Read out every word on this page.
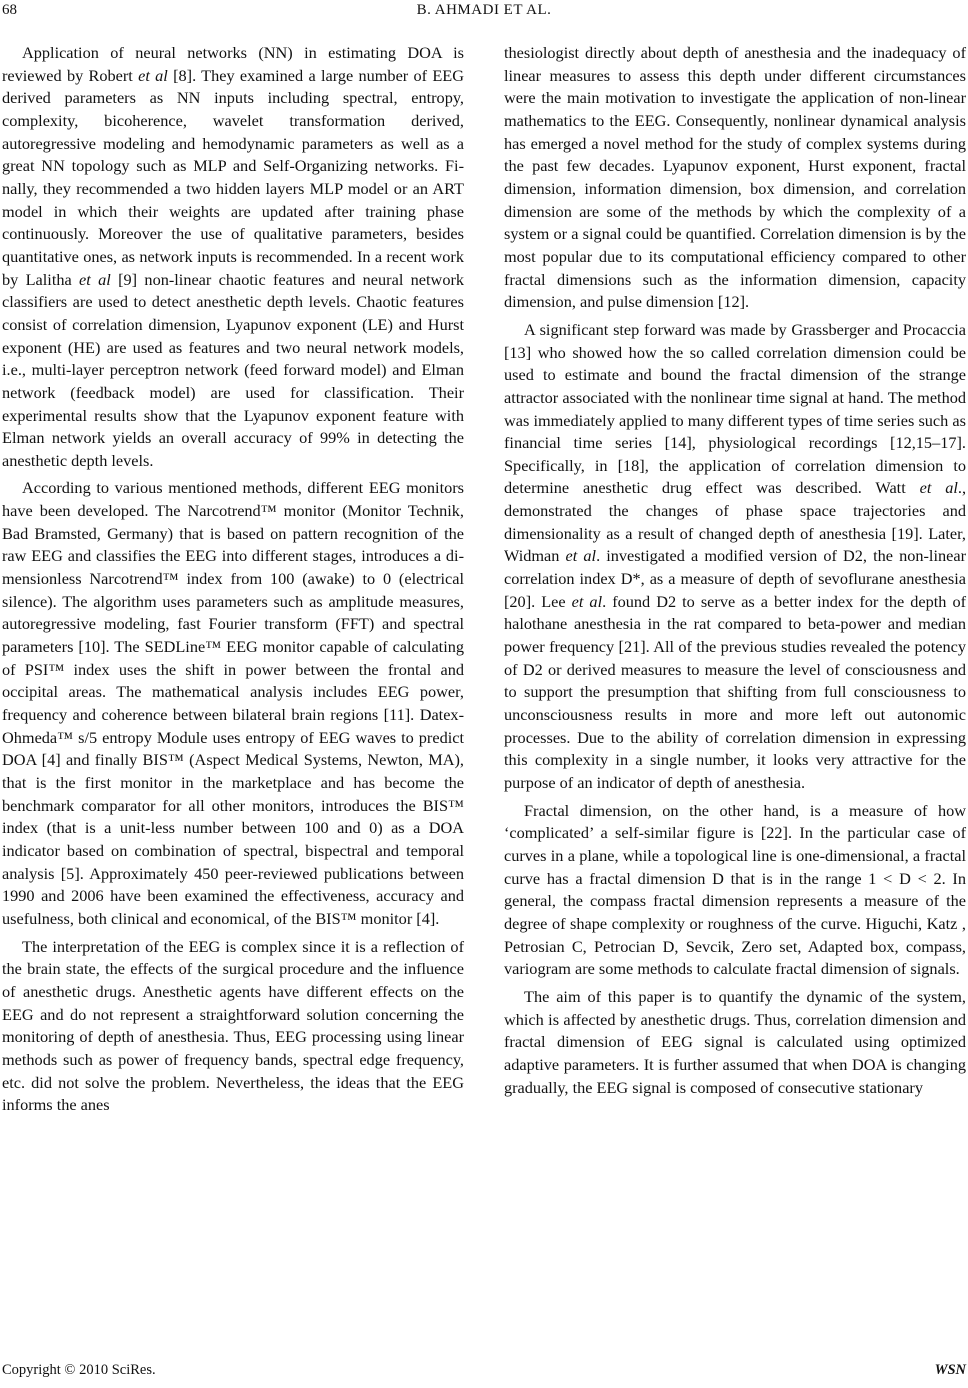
68	B. AHMADI ET AL.

Application of neural networks (NN) in estimating DOA is reviewed by Robert et al [8]. They examined a large number of EEG derived parameters as NN inputs including spectral, entropy, complexity, bicoherence, wavelet transformation derived, autoregressive modeling and hemodynamic parameters as well as a great NN topology such as MLP and Self-Organizing networks. Finally, they recommended a two hidden layers MLP model or an ART model in which their weights are updated after training phase continuously. Moreover the use of qualitative parameters, besides quantitative ones, as network inputs is recommended. In a recent work by Lalitha et al [9] non-linear chaotic features and neural network classifiers are used to detect anesthetic depth levels. Chaotic features consist of correlation dimension, Lyapunov exponent (LE) and Hurst exponent (HE) are used as features and two neural network models, i.e., multi-layer perceptron network (feed forward model) and Elman network (feedback model) are used for classification. Their experimental results show that the Lyapunov exponent feature with Elman network yields an overall accuracy of 99% in detecting the anesthetic depth levels.

According to various mentioned methods, different EEG monitors have been developed. The Narcotrend™ monitor (Monitor Technik, Bad Bramsted, Germany) that is based on pattern recognition of the raw EEG and classifies the EEG into different stages, introduces a dimensionless Narcotrend™ index from 100 (awake) to 0 (electrical silence). The algorithm uses parameters such as amplitude measures, autoregressive modeling, fast Fourier transform (FFT) and spectral parameters [10]. The SEDLine™ EEG monitor capable of calculating of PSI™ index uses the shift in power between the frontal and occipital areas. The mathematical analysis includes EEG power, frequency and coherence between bilateral brain regions [11]. Datex-Ohmeda™ s/5 entropy Module uses entropy of EEG waves to predict DOA [4] and finally BIS™ (Aspect Medical Systems, Newton, MA), that is the first monitor in the marketplace and has become the benchmark comparator for all other monitors, introduces the BIS™ index (that is a unit-less number between 100 and 0) as a DOA indicator based on combination of spectral, bispectral and temporal analysis [5]. Approximately 450 peer-reviewed publications between 1990 and 2006 have been examined the effectiveness, accuracy and usefulness, both clinical and economical, of the BIS™ monitor [4].

The interpretation of the EEG is complex since it is a reflection of the brain state, the effects of the surgical procedure and the influence of anesthetic drugs. Anesthetic agents have different effects on the EEG and do not represent a straightforward solution concerning the monitoring of depth of anesthesia. Thus, EEG processing using linear methods such as power of frequency bands, spectral edge frequency, etc. did not solve the problem. Nevertheless, the ideas that the EEG informs the anes

thesiologist directly about depth of anesthesia and the inadequacy of linear measures to assess this depth under different circumstances were the main motivation to investigate the application of non-linear mathematics to the EEG. Consequently, nonlinear dynamical analysis has emerged a novel method for the study of complex systems during the past few decades. Lyapunov exponent, Hurst exponent, fractal dimension, information dimension, box dimension, and correlation dimension are some of the methods by which the complexity of a system or a signal could be quantified. Correlation dimension is by the most popular due to its computational efficiency compared to other fractal dimensions such as the information dimension, capacity dimension, and pulse dimension [12].

A significant step forward was made by Grassberger and Procaccia [13] who showed how the so called correlation dimension could be used to estimate and bound the fractal dimension of the strange attractor associated with the nonlinear time signal at hand. The method was immediately applied to many different types of time series such as financial time series [14], physiological recordings [12,15–17]. Specifically, in [18], the application of correlation dimension to determine anesthetic drug effect was described. Watt et al., demonstrated the changes of phase space trajectories and dimensionality as a result of changed depth of anesthesia [19]. Later, Widman et al. investigated a modified version of D2, the non-linear correlation index D*, as a measure of depth of sevoflurane anesthesia [20]. Lee et al. found D2 to serve as a better index for the depth of halothane anesthesia in the rat compared to beta-power and median power frequency [21]. All of the previous studies revealed the potency of D2 or derived measures to measure the level of consciousness and to support the presumption that shifting from full consciousness to unconsciousness results in more and more left out autonomic processes. Due to the ability of correlation dimension in expressing this complexity in a single number, it looks very attractive for the purpose of an indicator of depth of anesthesia.

Fractal dimension, on the other hand, is a measure of how ‘complicated’ a self-similar figure is [22]. In the particular case of curves in a plane, while a topological line is one-dimensional, a fractal curve has a fractal dimension D that is in the range 1 < D < 2. In general, the compass fractal dimension represents a measure of the degree of shape complexity or roughness of the curve. Higuchi, Katz , Petrosian C, Petrocian D, Sevcik, Zero set, Adapted box, compass, variogram are some methods to calculate fractal dimension of signals.

The aim of this paper is to quantify the dynamic of the system, which is affected by anesthetic drugs. Thus, correlation dimension and fractal dimension of EEG signal is calculated using optimized adaptive parameters. It is further assumed that when DOA is changing gradually, the EEG signal is composed of consecutive stationary

Copyright © 2010 SciRes.	WSN
